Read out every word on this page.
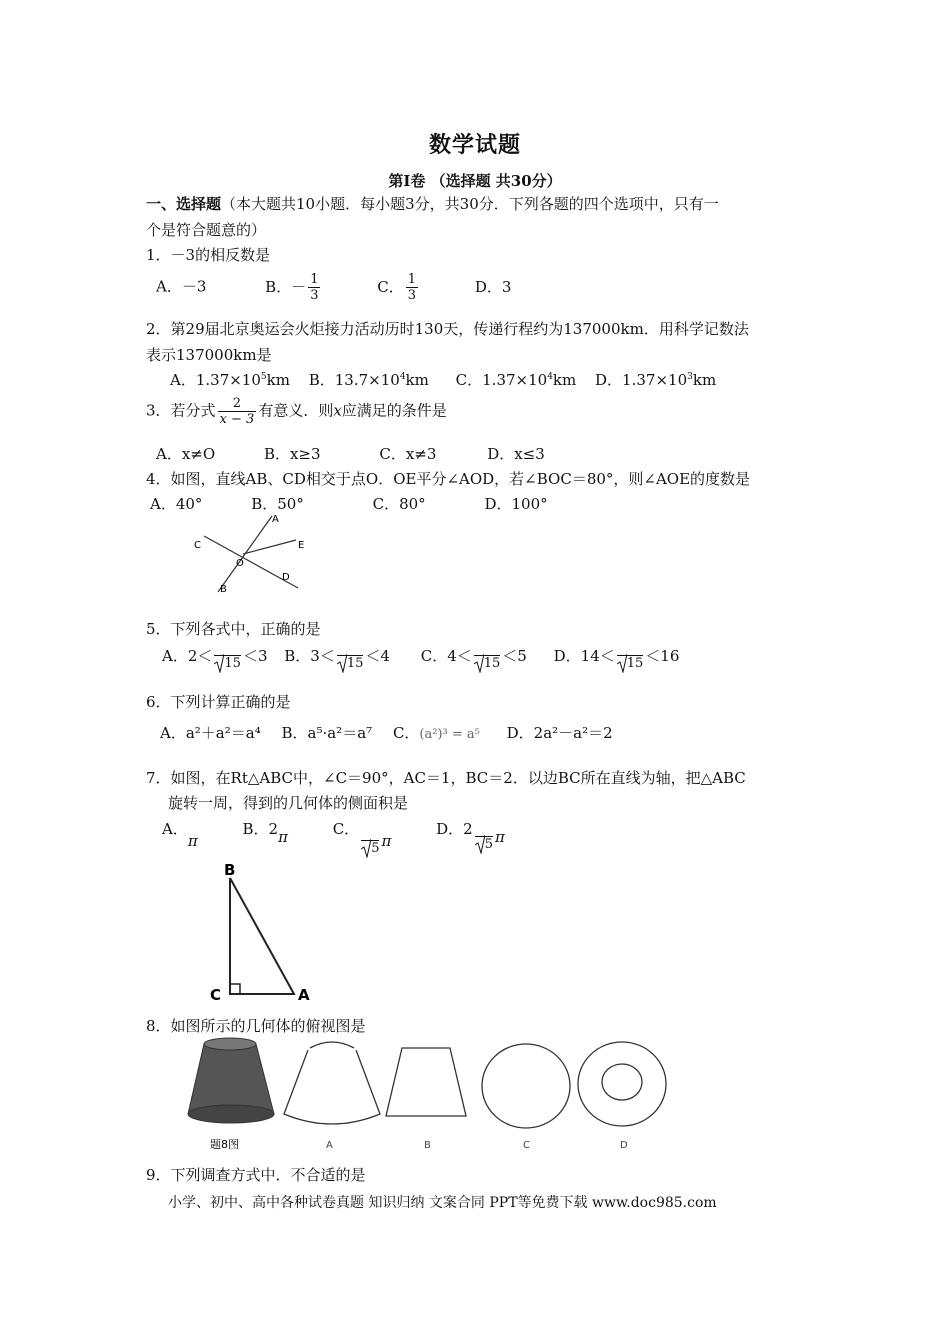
数学试题
第Ⅰ卷 （选择题 共30分）
一、选择题（本大题共10小题．每小题3分，共30分．下列各题的四个选项中，只有一
个是符合题意的）
1．－3的相反数是
A．－3	B．－ $\frac{1}{3}$	C． $\frac{1}{3}$	D．3
2．第29届北京奥运会火炬接力活动历时130天，传递行程约为137000km．用科学记数法
表示137000km是
A．$1.37\times 10^5km$ B．$13.7\times 10^4km$ C．$1.37\times 10^4km$ D．$1.37\times 10^3km$
3．若分式 $\frac{2}{x - 3}$ 有意义．则x应满足的条件是
A．x≠O	B．x≥3	C．x≠3	D．x≤3
4．如图，直线AB、CD相交于点O．OE平分∠AOD，若∠BOC＝80°，则∠AOE的度数是
A．40°	B．50°	C．80°	D．100°
A
C	E
O
D
B
5．下列各式中，正确的是
A．2＜ 15 ＜3 B．3＜ 15 ＜4 C．4＜ 15 ＜5 D．14＜ 15 ＜16
6．下列计算正确的是
A．a²＋a²＝a⁴ B．a⁵·a²＝a⁷ C．(a²)³ = a⁵ D．2a²－a²＝2
7．如图，在Rt△ABC中，∠C＝90°，AC＝1，BC＝2．以边BC所在直线为轴，把△ABC
旋转一周，得到的几何体的侧面积是
A．π B．2π	C．
5 π D．2
5 π
B
C	A
8．如图所示的几何体的俯视图是
题8图	A	B	C	D
9．下列调查方式中．不合适的是
小学、初中、高中各种试卷真题 知识归纳 文案合同 PPT等免费下载 www.doc985.com
